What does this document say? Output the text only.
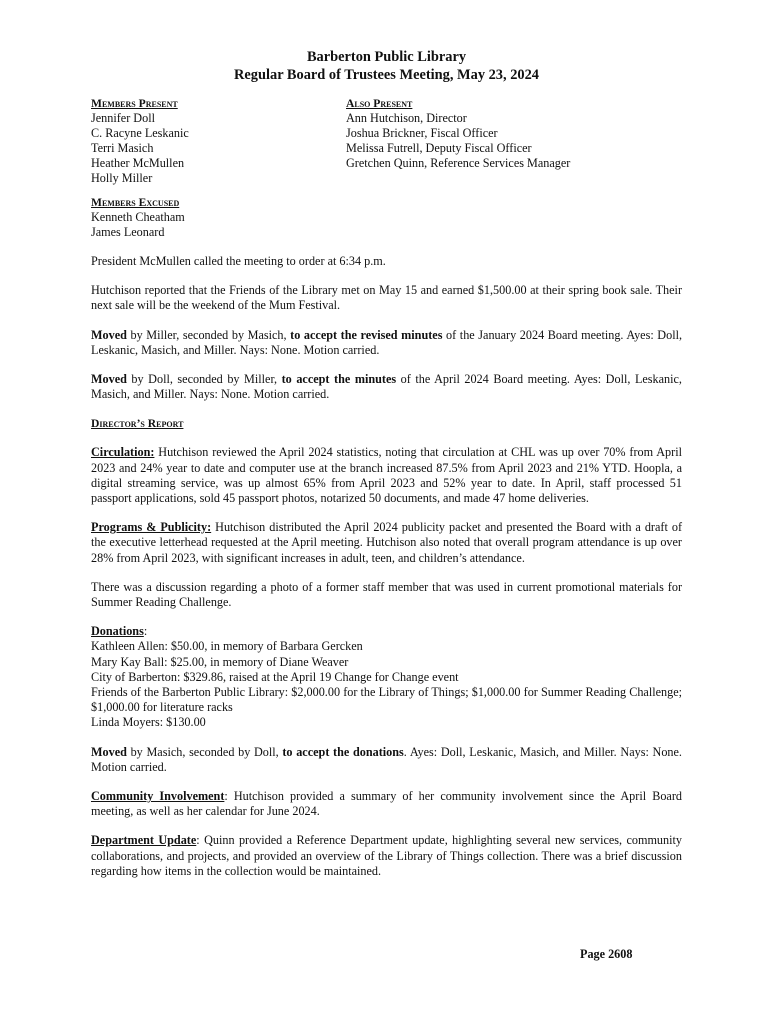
Barberton Public Library
Regular Board of Trustees Meeting, May 23, 2024
Members Present
Jennifer Doll
C. Racyne Leskanic
Terri Masich
Heather McMullen
Holly Miller
Also Present
Ann Hutchison, Director
Joshua Brickner, Fiscal Officer
Melissa Futrell, Deputy Fiscal Officer
Gretchen Quinn, Reference Services Manager
Members Excused
Kenneth Cheatham
James Leonard

President McMullen called the meeting to order at 6:34 p.m.

Hutchison reported that the Friends of the Library met on May 15 and earned $1,500.00 at their spring book sale. Their next sale will be the weekend of the Mum Festival.

Moved by Miller, seconded by Masich, to accept the revised minutes of the January 2024 Board meeting. Ayes: Doll, Leskanic, Masich, and Miller. Nays: None. Motion carried.

Moved by Doll, seconded by Miller, to accept the minutes of the April 2024 Board meeting. Ayes: Doll, Leskanic, Masich, and Miller. Nays: None. Motion carried.

Director’s Report

Circulation: Hutchison reviewed the April 2024 statistics, noting that circulation at CHL was up over 70% from April 2023 and 24% year to date and computer use at the branch increased 87.5% from April 2023 and 21% YTD. Hoopla, a digital streaming service, was up almost 65% from April 2023 and 52% year to date. In April, staff processed 51 passport applications, sold 45 passport photos, notarized 50 documents, and made 47 home deliveries.

Programs & Publicity: Hutchison distributed the April 2024 publicity packet and presented the Board with a draft of the executive letterhead requested at the April meeting. Hutchison also noted that overall program attendance is up over 28% from April 2023, with significant increases in adult, teen, and children’s attendance.

There was a discussion regarding a photo of a former staff member that was used in current promotional materials for Summer Reading Challenge.

Donations:

Kathleen Allen: $50.00, in memory of Barbara Gercken

Mary Kay Ball: $25.00, in memory of Diane Weaver

City of Barberton: $329.86, raised at the April 19 Change for Change event

Friends of the Barberton Public Library: $2,000.00 for the Library of Things; $1,000.00 for Summer Reading Challenge; $1,000.00 for literature racks

Linda Moyers: $130.00

Moved by Masich, seconded by Doll, to accept the donations. Ayes: Doll, Leskanic, Masich, and Miller. Nays: None. Motion carried.

Community Involvement: Hutchison provided a summary of her community involvement since the April Board meeting, as well as her calendar for June 2024.

Department Update: Quinn provided a Reference Department update, highlighting several new services, community collaborations, and projects, and provided an overview of the Library of Things collection. There was a brief discussion regarding how items in the collection would be maintained.

Page 2608
